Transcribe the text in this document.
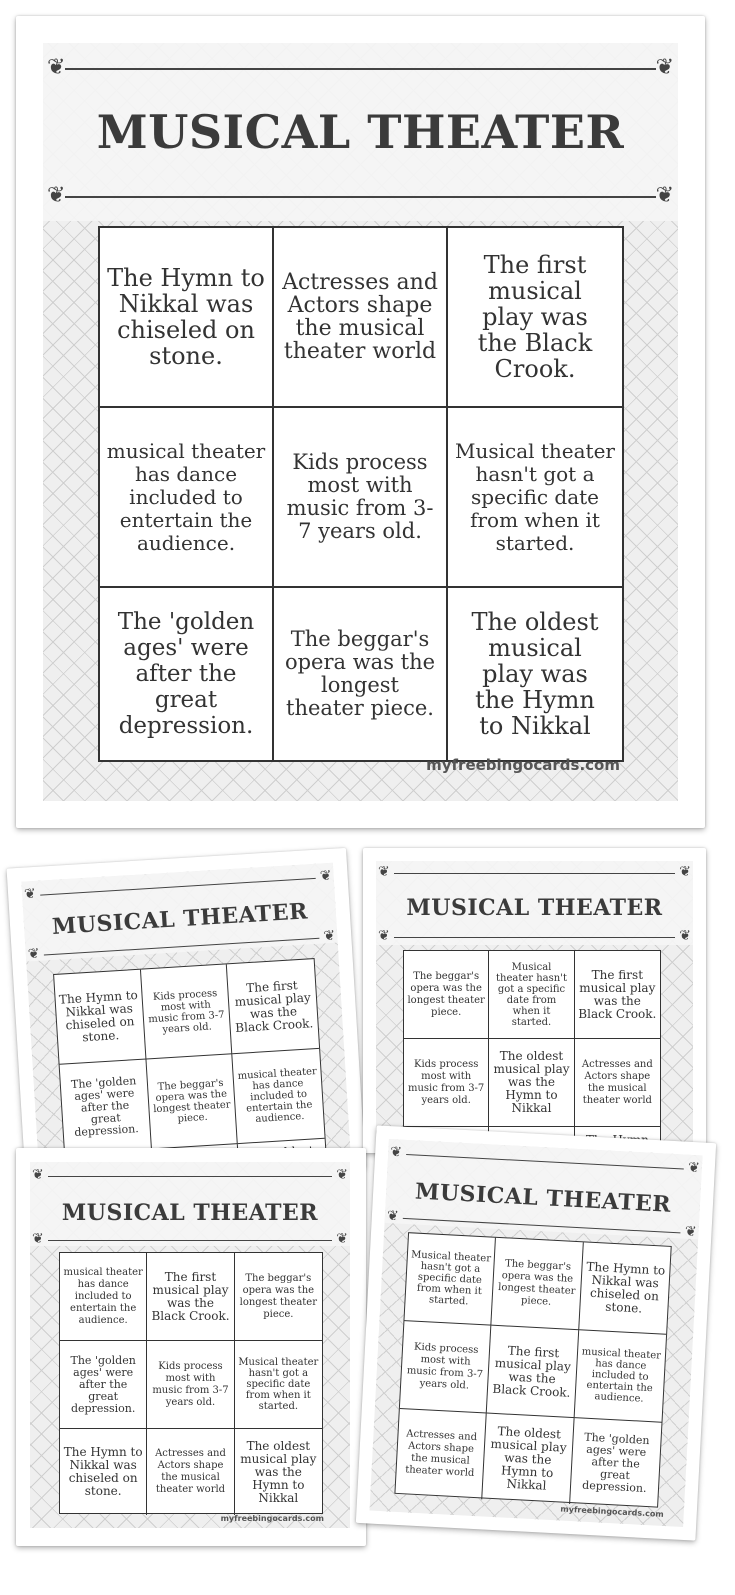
❦	❦
MUSICAL THEATER
❦	❦
The Hymn to Nikkal was chiseled on stone.
Actresses and Actors shape the musical theater world
The first musical play was the Black Crook.
musical theater has dance included to entertain the audience.
Kids process most with music from 3-7 years old.
Musical theater hasn't got a specific date from when it started.
The 'golden ages' were after the great depression.
The beggar's opera was the longest theater piece.
The oldest musical play was the Hymn to Nikkal
myfreebingocards.com
❦
❦
MUSICAL THEATER
❦
❦
The Hymn to Nikkal was chiseled on stone.
Kids process most with music from 3-7 years old.
The first musical play was the Black Crook.
The 'golden ages' were after the great depression.
The beggar's opera was the longest theater piece.
musical theater has dance included to entertain the audience.
❦	❦
MUSICAL THEATER
❦	❦
The beggar's opera was the longest theater piece.
Musical theater hasn't got a specific date from when it started.
The first musical play was the Black Crook.
Kids process most with music from 3-7 years old.
The oldest musical play was the Hymn to Nikkal
Actresses and Actors shape the musical theater world
❦	❦
MUSICAL THEATER
❦	❦
musical theater has dance included to entertain the audience.
The first musical play was the Black Crook.
The beggar's opera was the longest theater piece.
The 'golden ages' were after the great depression.
Kids process most with music from 3-7 years old.
Musical theater hasn't got a specific date from when it started.
The Hymn to Nikkal was chiseled on stone.
Actresses and Actors shape the musical theater world
The oldest musical play was the Hymn to Nikkal
myfreebingocards.com
❦
❦
MUSICAL THEATER
❦
❦
Musical theater hasn't got a specific date from when it started.
The beggar's opera was the longest theater piece.
The Hymn to Nikkal was chiseled on stone.
Kids process most with music from 3-7 years old.
The first musical play was the Black Crook.
musical theater has dance included to entertain the audience.
Actresses and Actors shape the musical theater world
The oldest musical play was the Hymn to Nikkal
The 'golden ages' were after the great depression.
myfreebingocards.com
